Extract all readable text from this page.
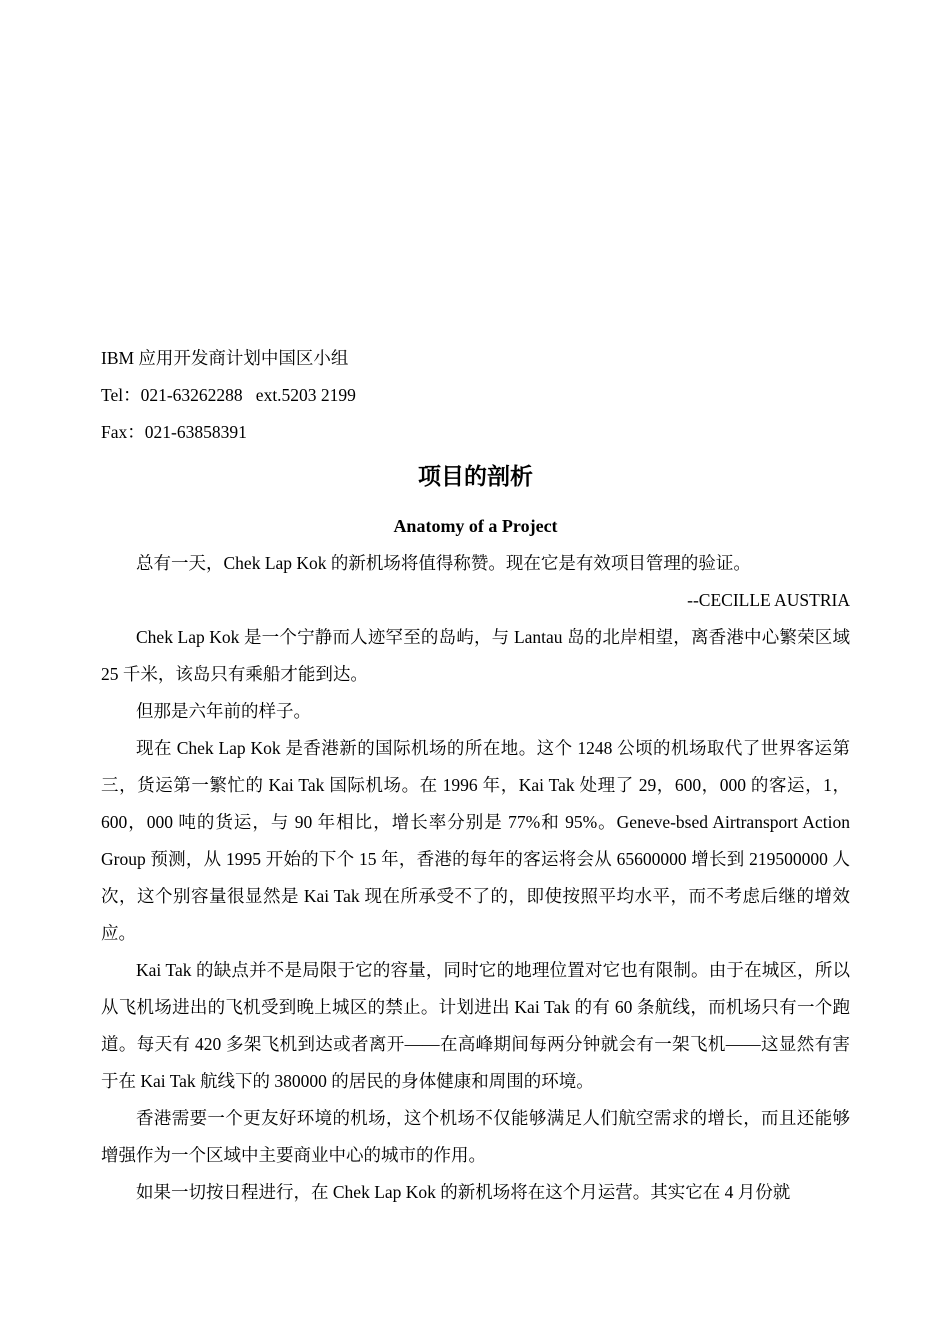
IBM 应用开发商计划中国区小组
Tel：021-63262288   ext.5203 2199
Fax：021-63858391
项目的剖析
Anatomy of a Project

总有一天，Chek Lap Kok 的新机场将值得称赞。现在它是有效项目管理的验证。

--CECILLE AUSTRIA

Chek Lap Kok 是一个宁静而人迹罕至的岛屿，与 Lantau 岛的北岸相望，离香港中心繁荣区域 25 千米，该岛只有乘船才能到达。

但那是六年前的样子。

现在 Chek Lap Kok 是香港新的国际机场的所在地。这个 1248 公顷的机场取代了世界客运第三，货运第一繁忙的 Kai Tak 国际机场。在 1996 年，Kai Tak 处理了 29，600，000 的客运，1，600，000 吨的货运，与 90 年相比，增长率分别是 77%和 95%。Geneve-bsed Airtransport Action Group 预测，从 1995 开始的下个 15 年，香港的每年的客运将会从 65600000 增长到 219500000 人次，这个别容量很显然是 Kai Tak 现在所承受不了的，即使按照平均水平，而不考虑后继的增效应。

Kai Tak 的缺点并不是局限于它的容量，同时它的地理位置对它也有限制。由于在城区，所以从飞机场进出的飞机受到晚上城区的禁止。计划进出 Kai Tak 的有 60 条航线，而机场只有一个跑道。每天有 420 多架飞机到达或者离开——在高峰期间每两分钟就会有一架飞机——这显然有害于在 Kai Tak 航线下的 380000 的居民的身体健康和周围的环境。

香港需要一个更友好环境的机场，这个机场不仅能够满足人们航空需求的增长，而且还能够增强作为一个区域中主要商业中心的城市的作用。

如果一切按日程进行，在 Chek Lap Kok 的新机场将在这个月运营。其实它在 4 月份就
